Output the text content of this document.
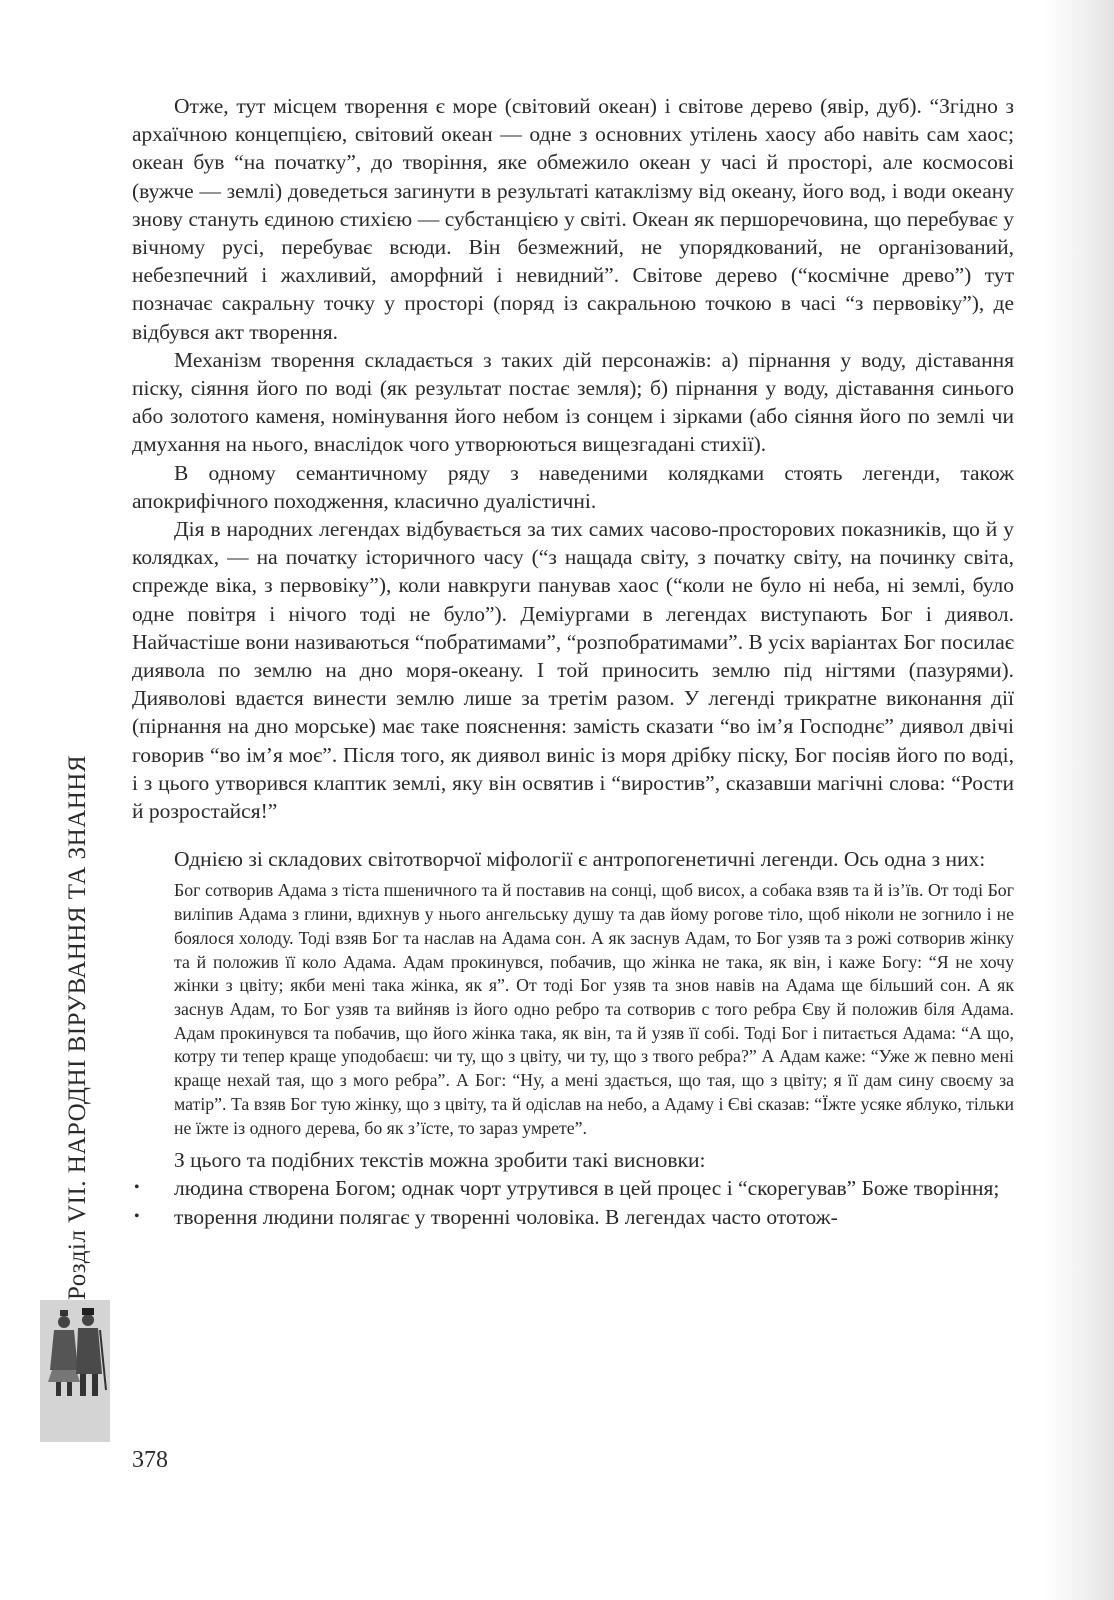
Розділ VII. НАРОДНІ ВІРУВАННЯ ТА ЗНАННЯ

Отже, тут місцем творення є море (світовий океан) і світове дерево (явір, дуб). “Згідно з архаїчною концепцією, світовий океан — одне з основних утілень хаосу або навіть сам хаос; океан був “на початку”, до творіння, яке обмежило океан у часі й просторі, але космосові (вужче — землі) доведеться загинути в результаті катаклізму від океану, його вод, і води океану знову стануть єдиною стихією — субстанцією у світі. Океан як першоречовина, що перебуває у вічному русі, перебуває всюди. Він безмежний, не упорядкований, не організований, небезпечний і жахливий, аморфний і невидний”. Світове дерево (“космічне древо”) тут позначає сакральну точку у просторі (поряд із сакральною точкою в часі “з первовіку”), де відбувся акт творення.

Механізм творення складається з таких дій персонажів: а) пірнання у воду, діставання піску, сіяння його по воді (як результат постає земля); б) пірнання у воду, діставання синього або золотого каменя, номінування його небом із сонцем і зірками (або сіяння його по землі чи дмухання на нього, внаслідок чого утворюються вищезгадані стихії).

В одному семантичному ряду з наведеними колядками стоять легенди, також апокрифічного походження, класично дуалістичні.

Дія в народних легендах відбувається за тих самих часово-просторових показників, що й у колядках, — на початку історичного часу (“з нащада світу, з початку світу, на починку світа, спрежде віка, з первовіку”), коли навкруги панував хаос (“коли не було ні неба, ні землі, було одне повітря і нічого тоді не було”). Деміургами в легендах виступають Бог і диявол. Найчастіше вони називаються “побратимами”, “розпобратимами”. В усіх варіантах Бог посилає диявола по землю на дно моря-океану. І той приносить землю під нігтями (пазурями). Дияволові вдаєтся винести землю лише за третім разом. У легенді трикратне виконання дії (пірнання на дно морське) має таке пояснення: замість сказати “во ім’я Господнє” диявол двічі говорив “во ім’я моє”. Після того, як диявол виніс із моря дрібку піску, Бог посіяв його по воді, і з цього утворився клаптик землі, яку він освятив і “виростив”, сказавши магічні слова: “Рости й розростайся!”

Однією зі складових світотворчої міфології є антропогенетичні легенди. Ось одна з них:

Бог сотворив Адама з тіста пшеничного та й поставив на сонці, щоб висох, а собака взяв та й із’їв. От тоді Бог виліпив Адама з глини, вдихнув у нього ангельську душу та дав йому рогове тіло, щоб ніколи не зогнило і не боялося холоду. Тоді взяв Бог та наслав на Адама сон. А як заснув Адам, то Бог узяв та з рожі сотворив жінку та й положив її коло Адама. Адам прокинувся, побачив, що жінка не така, як він, і каже Богу: “Я не хочу жінки з цвіту; якби мені така жінка, як я”. От тоді Бог узяв та знов навів на Адама ще більший сон. А як заснув Адам, то Бог узяв та вийняв із його одно ребро та сотворив с того ребра Єву й положив біля Адама. Адам прокинувся та побачив, що його жінка така, як він, та й узяв її собі. Тоді Бог і питається Адама: “А що, котру ти тепер краще уподобаєш: чи ту, що з цвіту, чи ту, що з твого ребра?” А Адам каже: “Уже ж певно мені краще нехай тая, що з мого ребра”. А Бог: “Ну, а мені здається, що тая, що з цвіту; я її дам сину своєму за матір”. Та взяв Бог тую жінку, що з цвіту, та й одіслав на небо, а Адаму і Єві сказав: “Їжте усяке яблуко, тільки не їжте із одного дерева, бо як з’їсте, то зараз умрете”.

З цього та подібних текстів можна зробити такі висновки:

• людина створена Богом; однак чорт утрутився в цей процес і “скорегував” Боже творіння;
• творення людини полягає у творенні чоловіка. В легендах часто ототож-
378
